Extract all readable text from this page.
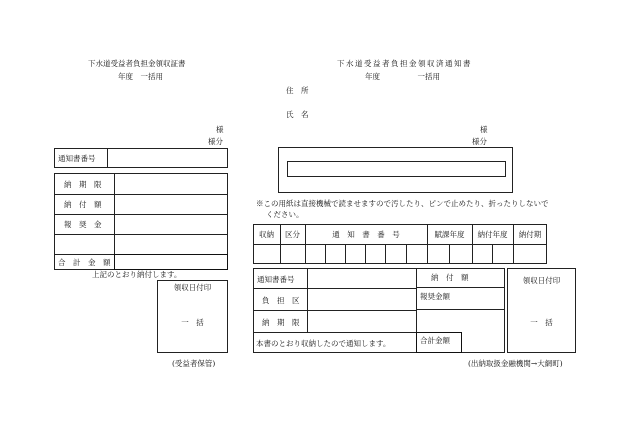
下水道受益者負担金領収証書
年度　一括用
様
様分
通知書番号
納　期　限
納　付　額
報　奨　金
合　計　金　額
上記のとおり納付します。
領収日付印
一　括
(受益者保管)
下水道受益者負担金領収済通知書
年度　　　　　一括用
住　所
氏　名
様
様分
※この用紙は直接機械で読ませますので汚したり、ピンで止めたり、折ったりしないで
ください。
収納	区分	通　知　書　番　号	賦課年度	納付年度	納付期
通知書番号
負　担　区
納　期　限
本書のとおり収納したので通知します。
納　付　額
報奨金額
合計金額
領収日付印
一　括
(出納取扱金融機関→大網町)
